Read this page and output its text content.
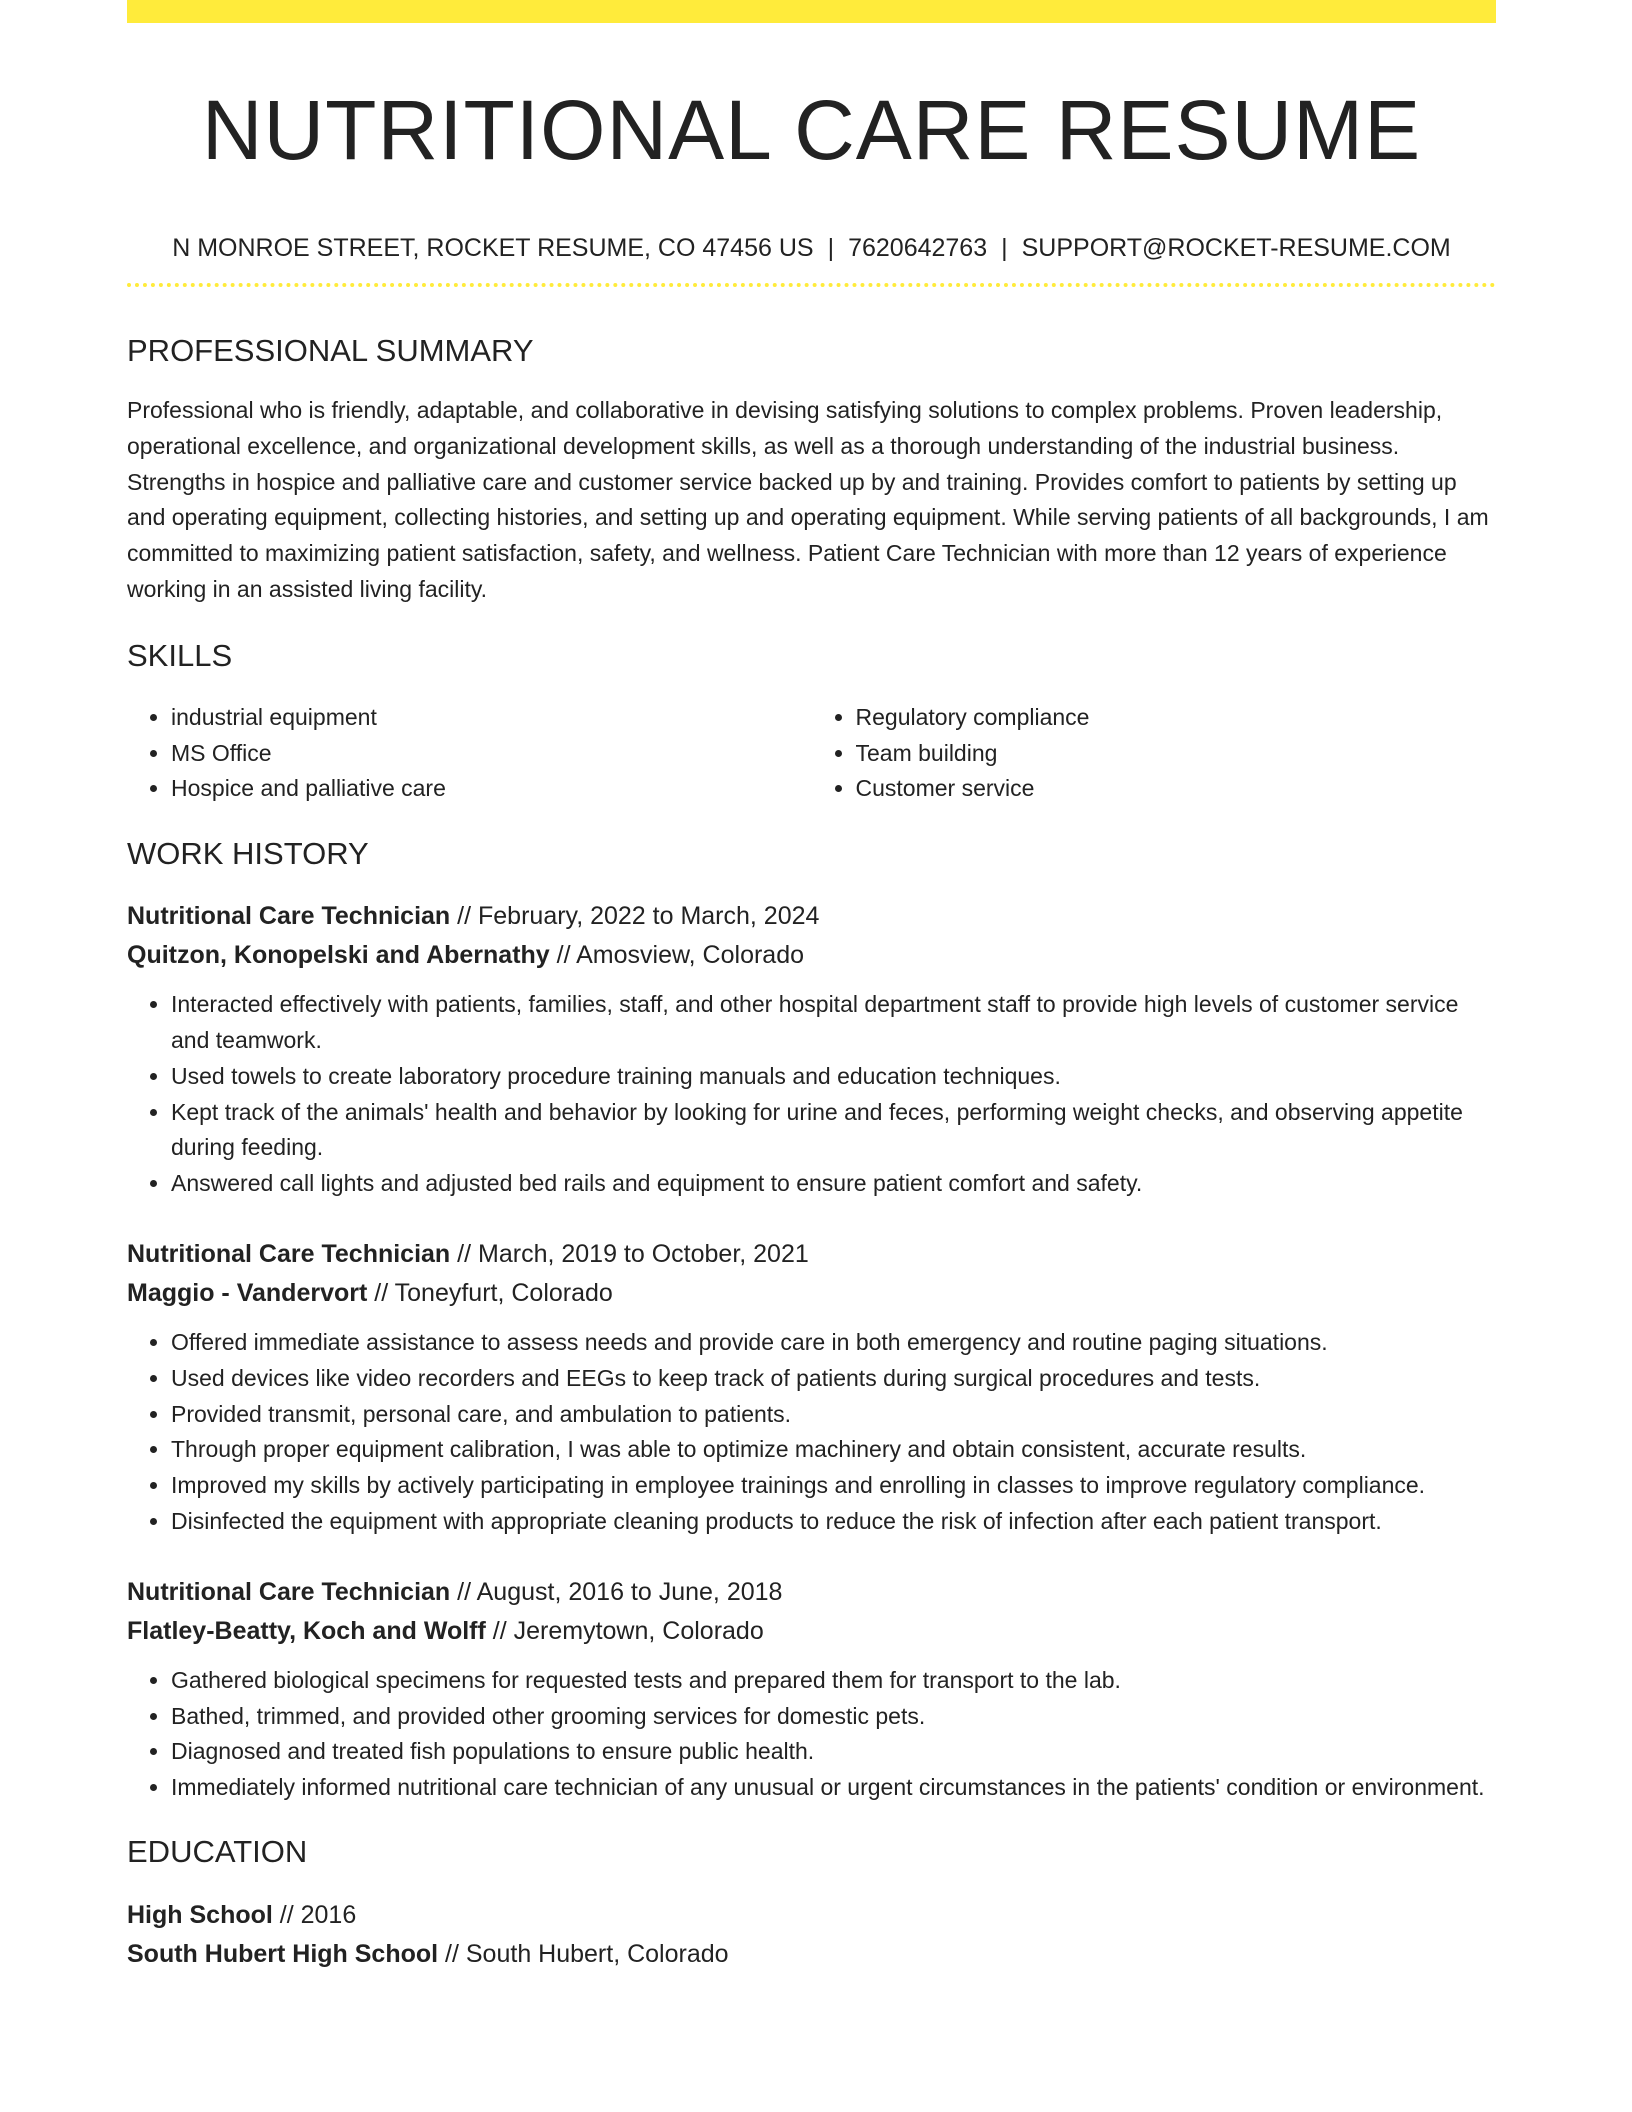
NUTRITIONAL CARE RESUME
N MONROE STREET, ROCKET RESUME, CO 47456 US | 7620642763 | SUPPORT@ROCKET-RESUME.COM
PROFESSIONAL SUMMARY
Professional who is friendly, adaptable, and collaborative in devising satisfying solutions to complex problems. Proven leadership, operational excellence, and organizational development skills, as well as a thorough understanding of the industrial business. Strengths in hospice and palliative care and customer service backed up by and training. Provides comfort to patients by setting up and operating equipment, collecting histories, and setting up and operating equipment. While serving patients of all backgrounds, I am committed to maximizing patient satisfaction, safety, and wellness. Patient Care Technician with more than 12 years of experience working in an assisted living facility.
SKILLS
• industrial equipment
• MS Office
• Hospice and palliative care
• Regulatory compliance
• Team building
• Customer service
WORK HISTORY
Nutritional Care Technician // February, 2022 to March, 2024
Quitzon, Konopelski and Abernathy // Amosview, Colorado
• Interacted effectively with patients, families, staff, and other hospital department staff to provide high levels of customer service and teamwork.
• Used towels to create laboratory procedure training manuals and education techniques.
• Kept track of the animals' health and behavior by looking for urine and feces, performing weight checks, and observing appetite during feeding.
• Answered call lights and adjusted bed rails and equipment to ensure patient comfort and safety.
Nutritional Care Technician // March, 2019 to October, 2021
Maggio - Vandervort // Toneyfurt, Colorado
• Offered immediate assistance to assess needs and provide care in both emergency and routine paging situations.
• Used devices like video recorders and EEGs to keep track of patients during surgical procedures and tests.
• Provided transmit, personal care, and ambulation to patients.
• Through proper equipment calibration, I was able to optimize machinery and obtain consistent, accurate results.
• Improved my skills by actively participating in employee trainings and enrolling in classes to improve regulatory compliance.
• Disinfected the equipment with appropriate cleaning products to reduce the risk of infection after each patient transport.
Nutritional Care Technician // August, 2016 to June, 2018
Flatley-Beatty, Koch and Wolff // Jeremytown, Colorado
• Gathered biological specimens for requested tests and prepared them for transport to the lab.
• Bathed, trimmed, and provided other grooming services for domestic pets.
• Diagnosed and treated fish populations to ensure public health.
• Immediately informed nutritional care technician of any unusual or urgent circumstances in the patients' condition or environment.
EDUCATION
High School // 2016
South Hubert High School // South Hubert, Colorado
